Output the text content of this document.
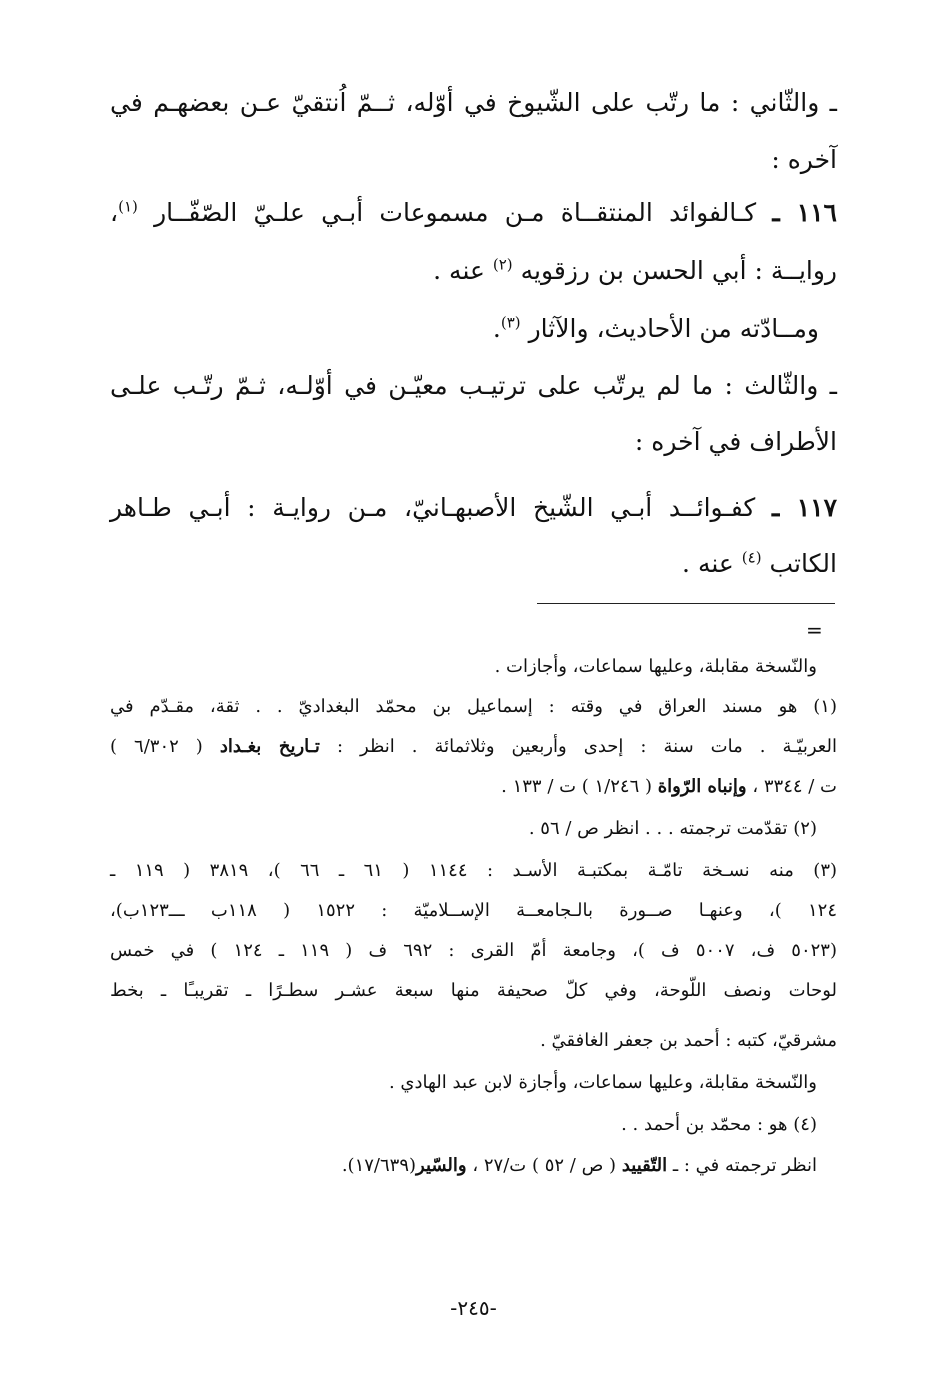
ـ والثّاني : ما رتّب على الشّيوخ في أوّله، ثــمّ اُنتقيّ عـن بعضهـم في
آخره :
١١٦ ـ كـالفوائد المنتقــاة مـن مسموعات أبـي علـيّ الصّفّــار $^{(١)}$،
روايــة : أبي الحسن بن رزقويه $^{(٢)}$ عنه .
ومــادّته من الأحاديث، والآثار $^{(٣)}$.
ـ والثّالث : ما لم يرتّب على ترتيـب معيّـن في أوّلـه، ثـمّ رتّـب علـى
الأطراف في آخره :
١١٧ ـ كفـوائــد أبـي الشّيخ الأصبهـانيّ، مـن روايـة : أبـي طـاهر
الكاتب $^{(٤)}$ عنه .
=
والنّسخة مقابلة، وعليها سماعات، وأجازات .
(١) هو مسند العراق في وقته : إسماعيل بن محمّد البغداديّ . . ثقة، مقـدّم في
العربيّـة . مات سنة : إحدى وأربعين وثلاثمائة . انظر : تـاريخ بغـداد ( ٦/٣٠٢ )
ت / ٣٣٤٤ ، وإنباه الرّواة ( ١/٢٤٦ ) ت / ١٣٣ .
(٢) تقدّمت ترجمته . . . انظر ص / ٥٦ .
(٣) منه نسـخة تامّـة بمكتبـة الأسـد : ١١٤٤ ( ٦١ ـ ٦٦ )، ٣٨١٩ ( ١١٩ ـ
١٢٤ )، وعنهـا صــورة بالـجامعــة الإســلاميّة : ١٥٢٢ ( ١١٨ب ـــ١٢٣ب)،
(٥٠٢٣ ف، ٥٠٠٧ ف )، وجامعة أمّ القرى : ٦٩٢ ف ( ١١٩ ـ ١٢٤ ) في خمس
لوحات ونصف اللّوحة، وفي كلّ صحيفة منها سبعة عشـر سطـرًا ـ تقريبـًا ـ بخط
مشرقيّ، كتبه : أحمد بن جعفر الغافقيّ .
والنّسخة مقابلة، وعليها سماعات، وأجازة لابن عبد الهادي .
(٤) هو : محمّد بن أحمد . .
انظر ترجمته في : ـ التّقييد ( ص / ٥٢ ) ت/٢٧ ، والسّير(١٧/٦٣٩).
-٢٤٥-
